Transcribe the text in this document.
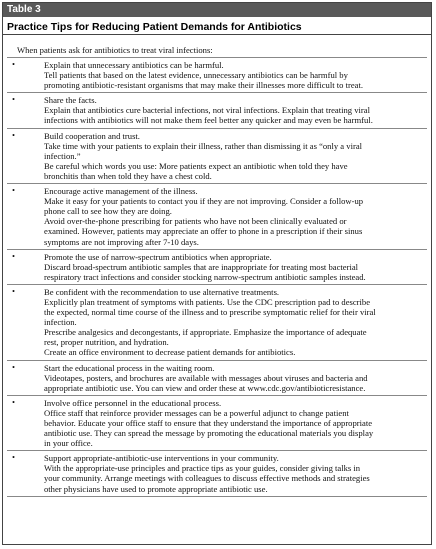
Table 3
Practice Tips for Reducing Patient Demands for Antibiotics
When patients ask for antibiotics to treat viral infections:
•	Explain that unnecessary antibiotics can be harmful.
Tell patients that based on the latest evidence, unnecessary antibiotics can be harmful by
promoting antibiotic-resistant organisms that may make their illnesses more difficult to treat.
•	Share the facts.
Explain that antibiotics cure bacterial infections, not viral infections. Explain that treating viral
infections with antibiotics will not make them feel better any quicker and may even be harmful.
•	Build cooperation and trust.
Take time with your patients to explain their illness, rather than dismissing it as “only a viral
infection.”
Be careful which words you use: More patients expect an antibiotic when told they have
bronchitis than when told they have a chest cold.
•	Encourage active management of the illness.
Make it easy for your patients to contact you if they are not improving. Consider a follow-up
phone call to see how they are doing.
Avoid over-the-phone prescribing for patients who have not been clinically evaluated or
examined. However, patients may appreciate an offer to phone in a prescription if their sinus
symptoms are not improving after 7-10 days.
•	Promote the use of narrow-spectrum antibiotics when appropriate.
Discard broad-spectrum antibiotic samples that are inappropriate for treating most bacterial
respiratory tract infections and consider stocking narrow-spectrum antibiotic samples instead.
•	Be confident with the recommendation to use alternative treatments.
Explicitly plan treatment of symptoms with patients. Use the CDC prescription pad to describe
the expected, normal time course of the illness and to prescribe symptomatic relief for their viral
infection.
Prescribe analgesics and decongestants, if appropriate. Emphasize the importance of adequate
rest, proper nutrition, and hydration.
Create an office environment to decrease patient demands for antibiotics.
•	Start the educational process in the waiting room.
Videotapes, posters, and brochures are available with messages about viruses and bacteria and
appropriate antibiotic use. You can view and order these at www.cdc.gov/antibioticresistance.
•	Involve office personnel in the educational process.
Office staff that reinforce provider messages can be a powerful adjunct to change patient
behavior. Educate your office staff to ensure that they understand the importance of appropriate
antibiotic use. They can spread the message by promoting the educational materials you display
in your office.
•	Support appropriate-antibiotic-use interventions in your community.
With the appropriate-use principles and practice tips as your guides, consider giving talks in
your community. Arrange meetings with colleagues to discuss effective methods and strategies
other physicians have used to promote appropriate antibiotic use.
